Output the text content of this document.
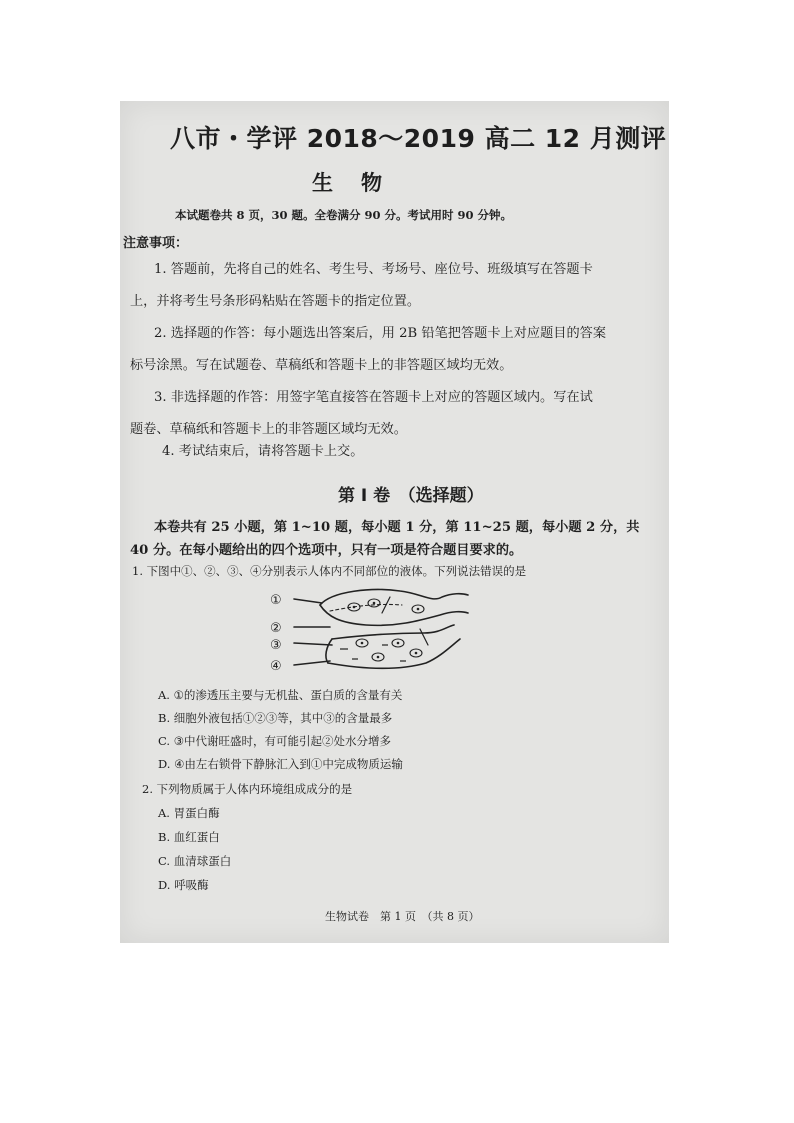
八市・学评 2018～2019 高二 12 月测评
生物
本试题卷共 8 页，30 题。全卷满分 90 分。考试用时 90 分钟。
注意事项：
1. 答题前，先将自己的姓名、考生号、考场号、座位号、班级填写在答题卡
上，并将考生号条形码粘贴在答题卡的指定位置。
2. 选择题的作答：每小题选出答案后，用 2B 铅笔把答题卡上对应题目的答案
标号涂黑。写在试题卷、草稿纸和答题卡上的非答题区域均无效。
3. 非选择题的作答：用签字笔直接答在答题卡上对应的答题区域内。写在试
题卷、草稿纸和答题卡上的非答题区域均无效。
4. 考试结束后，请将答题卡上交。
第 Ⅰ 卷　（选择题）
本卷共有 25 小题，第 1~10 题，每小题 1 分，第 11~25 题，每小题 2 分，共
40 分。在每小题给出的四个选项中，只有一项是符合题目要求的。
1. 下图中①、②、③、④分别表示人体内不同部位的液体。下列说法错误的是
①
②
③
④
A. ①的渗透压主要与无机盐、蛋白质的含量有关
B. 细胞外液包括①②③等，其中③的含量最多
C. ③中代谢旺盛时，有可能引起②处水分增多
D. ④由左右锁骨下静脉汇入到①中完成物质运输
2. 下列物质属于人体内环境组成成分的是
A. 胃蛋白酶
B. 血红蛋白
C. 血清球蛋白
D. 呼吸酶
生物试卷　第 1 页　（共 8 页）
